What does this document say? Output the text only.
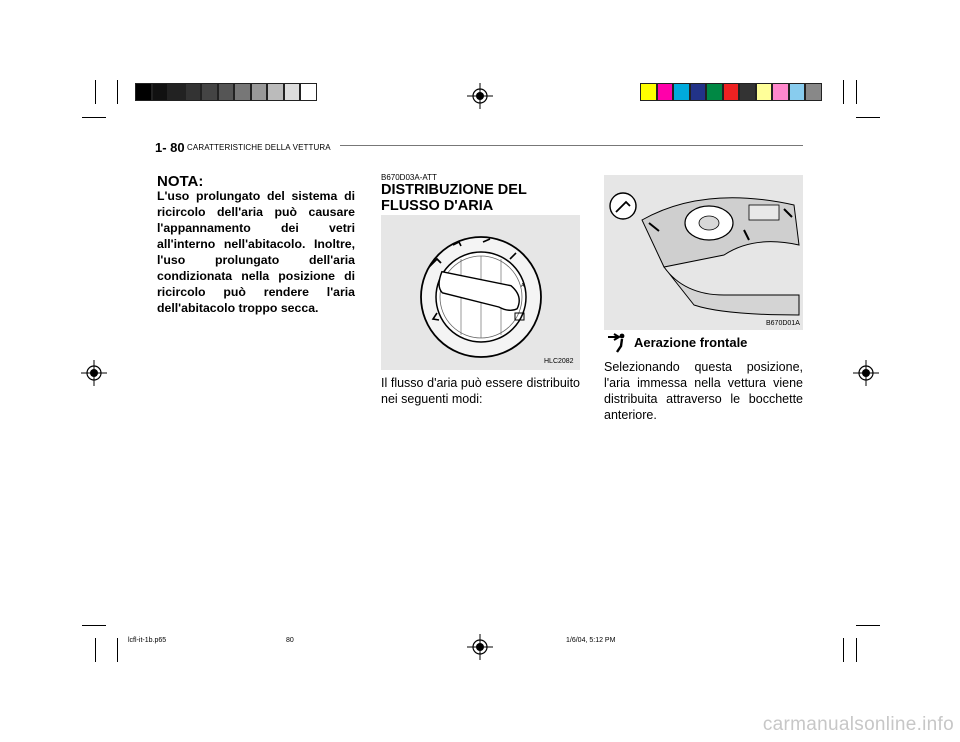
1- 80 CARATTERISTICHE DELLA VETTURA
NOTA:
L'uso prolungato del sistema di ricircolo dell'aria può causare l'appannamento dei vetri all'interno nell'abitacolo. Inoltre, l'uso prolungato dell'aria condizionata nella posizione di ricircolo può rendere l'aria dell'abitacolo troppo secca.
B670D03A-ATT
DISTRIBUZIONE DEL FLUSSO D'ARIA
A
HLC2082
Il flusso d'aria può essere distribuito nei seguenti modi:
B670D01A
Aerazione frontale
Selezionando questa posizione, l'aria immessa nella vettura viene distribuita attraverso le bocchette anteriore.
lcfl-it-1b.p65	80	1/6/04, 5:12 PM
carmanualsonline.info
